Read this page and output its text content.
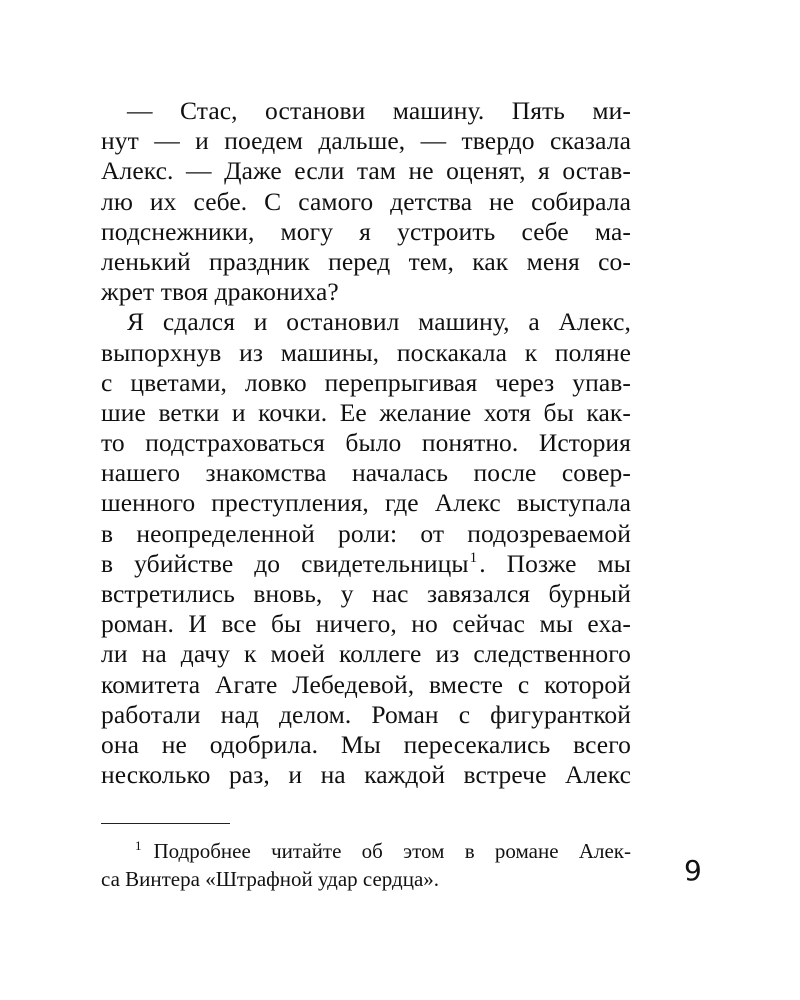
— Стас, останови машину. Пять ми-
нут — и поедем дальше, — твердо сказала
Алекс. — Даже если там не оценят, я остав-
лю их себе. С самого детства не собирала
подснежники, могу я устроить себе ма-
ленький праздник перед тем, как меня со-
жрет твоя дракониха?
Я сдался и остановил машину, а Алекс,
выпорхнув из машины, поскакала к поляне
с цветами, ловко перепрыгивая через упав-
шие ветки и кочки. Ее желание хотя бы как-
то подстраховаться было понятно. История
нашего знакомства началась после совер-
шенного преступления, где Алекс выступала
в неопределенной роли: от подозреваемой
в убийстве до свидетельницы$^1$. Позже мы
встретились вновь, у нас завязался бурный
роман. И все бы ничего, но сейчас мы еха-
ли на дачу к моей коллеге из следственного
комитета Агате Лебедевой, вместе с которой
работали над делом. Роман с фигуранткой
она не одобрила. Мы пересекались всего
несколько раз, и на каждой встрече Алекс
$^1$ Подробнее читайте об этом в романе Алек-
са Винтера «Штрафной удар сердца».	9
